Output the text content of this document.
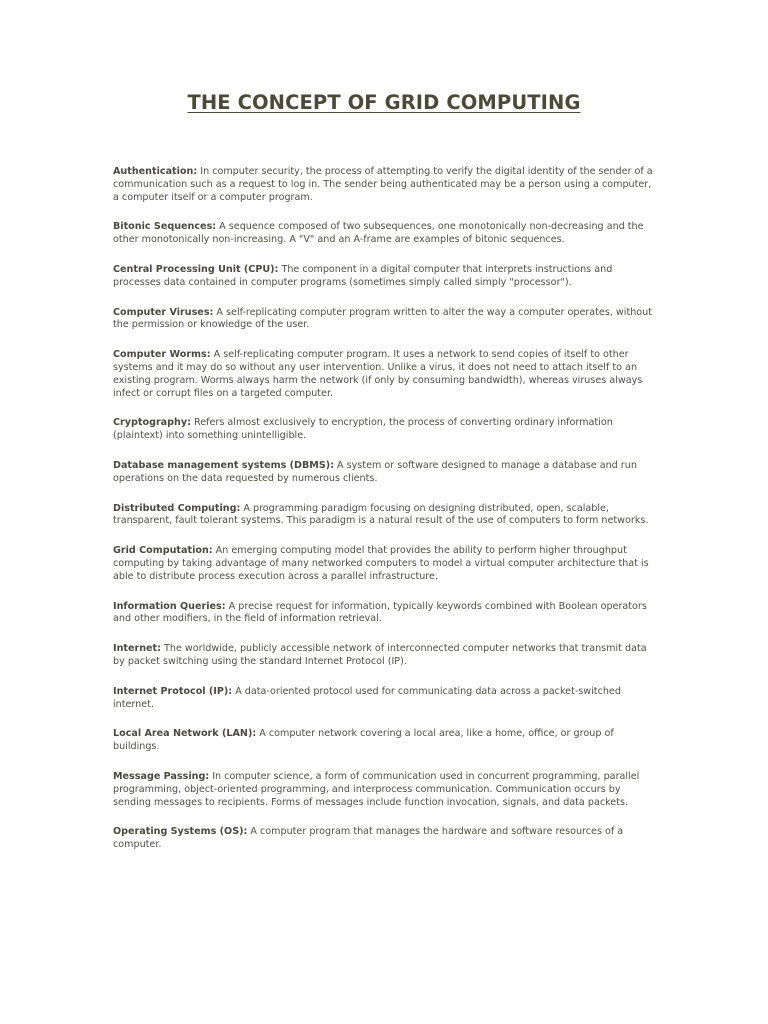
THE CONCEPT OF GRID COMPUTING

Authentication: In computer security, the process of attempting to verify the digital identity of the sender of a communication such as a request to log in. The sender being authenticated may be a person using a computer, a computer itself or a computer program.

Bitonic Sequences: A sequence composed of two subsequences, one monotonically non-decreasing and the other monotonically non-increasing. A "V" and an A-frame are examples of bitonic sequences.

Central Processing Unit (CPU): The component in a digital computer that interprets instructions and processes data contained in computer programs (sometimes simply called simply "processor").

Computer Viruses: A self-replicating computer program written to alter the way a computer operates, without the permission or knowledge of the user.

Computer Worms: A self-replicating computer program. It uses a network to send copies of itself to other systems and it may do so without any user intervention. Unlike a virus, it does not need to attach itself to an existing program. Worms always harm the network (if only by consuming bandwidth), whereas viruses always infect or corrupt files on a targeted computer.

Cryptography: Refers almost exclusively to encryption, the process of converting ordinary information (plaintext) into something unintelligible.

Database management systems (DBMS): A system or software designed to manage a database and run operations on the data requested by numerous clients.

Distributed Computing: A programming paradigm focusing on designing distributed, open, scalable, transparent, fault tolerant systems. This paradigm is a natural result of the use of computers to form networks.

Grid Computation: An emerging computing model that provides the ability to perform higher throughput computing by taking advantage of many networked computers to model a virtual computer architecture that is able to distribute process execution across a parallel infrastructure.

Information Queries: A precise request for information, typically keywords combined with Boolean operators and other modifiers, in the field of information retrieval.

Internet: The worldwide, publicly accessible network of interconnected computer networks that transmit data by packet switching using the standard Internet Protocol (IP).

Internet Protocol (IP): A data-oriented protocol used for communicating data across a packet-switched internet.

Local Area Network (LAN): A computer network covering a local area, like a home, office, or group of buildings.

Message Passing: In computer science, a form of communication used in concurrent programming, parallel programming, object-oriented programming, and interprocess communication. Communication occurs by sending messages to recipients. Forms of messages include function invocation, signals, and data packets.

Operating Systems (OS): A computer program that manages the hardware and software resources of a computer.
